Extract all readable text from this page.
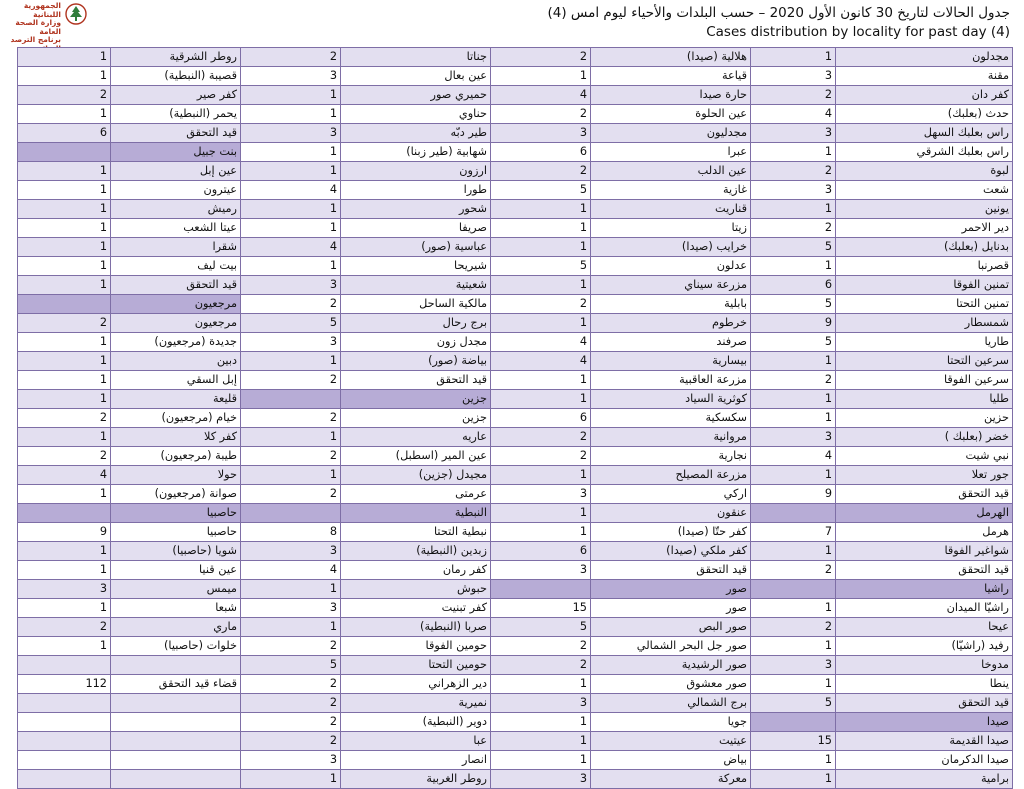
الجمهورية اللبنانية
وزارة الصحة العامة
برنامج الترصد
جدول الحالات لتاريخ 30 كانون الأول 2020 – حسب البلدات والأحياء ليوم امس (4)
Cases distribution by locality for past day (4)
1	روطر الشرقية	2	جناتا	2	هلالية (صيدا)	1	مجدلون
1	قصيبة (النبطية)	3	عين بعال	1	قياعة	3	مقنة
2	كفر صير	1	حميري صور	4	حارة صيدا	2	كفر دان
1	يحمر (النبطية)	1	حناوي	2	عين الحلوة	4	حدث (بعلبك)
6	قيد التحقق	3	طير دبّه	3	مجدليون	3	راس بعلبك السهل
	بنت جبيل	1	شهابية (طير زبنا)	6	عبرا	1	راس بعلبك الشرقي
1	عين إبل	1	ارزون	2	عين الدلب	2	لبوة
1	عيترون	4	طورا	5	غازية	3	شعت
1	رميش	1	شحور	1	قناريت	1	يونين
1	عيتا الشعب	1	صريفا	1	زيتا	2	دير الاحمر
1	شقرا	4	عباسية (صور)	1	خرايب (صيدا)	5	بدنايل (بعلبك)
1	بيت ليف	1	شيريحا	5	عدلون	1	قصرنبا
1	قيد التحقق	3	شعيتية	1	مزرعة سيناي	6	تمنين الفوقا
	مرجعيون	2	مالكية الساحل	2	بابلية	5	تمنين التحتا
2	مرجعيون	5	برج رحال	1	خرطوم	9	شمسطار
1	جديدة (مرجعيون)	3	مجدل زون	4	صرفند	5	طاريا
1	دبين	1	بياضة (صور)	4	بيسارية	1	سرعين التحتا
1	إبل السقي	2	قيد التحقق	1	مزرعة العاقبية	2	سرعين الفوقا
1	قليعة		جزين	1	كوثرية السياد	1	طليا
2	خيام (مرجعيون)	2	جزين	6	سكسكية	1	حزين
1	كفر كلا	1	عاريه	2	مروانية	3	خضر (بعلبك )
2	طيبة (مرجعيون)	2	عين المير (اسطبل)	2	نجارية	4	نبي شيت
4	حولا	1	مجيدل (جزين)	1	مزرعة المصيلح	1	جور تعلا
1	صوانة (مرجعيون)	2	عرمتى	3	اركي	9	قيد التحقق
	حاصبيا		النبطية	1	عنقون		الهرمل
9	حاصبيا	8	نبطية التحتا	1	كفر حتّا (صيدا)	7	هرمل
1	شويا (حاصبيا)	3	زبدين (النبطية)	6	كفر ملكي (صيدا)	1	شواغير الفوقا
1	عين قنيا	4	كفر رمان	3	قيد التحقق	2	قيد التحقق
3	ميمس	1	حبوش		صور		راشيا
1	شبعا	3	كفر تبنيت	15	صور	1	راشيّا الميدان
2	ماري	1	صربا (النبطية)	5	صور البص	2	عيحا
1	خلوات (حاصبيا)	2	حومين الفوقا	2	صور جل البحر الشمالي	1	رفيد (راشيّا)
		5	حومين التحتا	2	صور الرشيدية	3	مدوخا
112	قضاء قيد التحقق	2	دير الزهراني	1	صور معشوق	1	ينطا
		2	نميرية	3	برج الشمالي	5	قيد التحقق
		2	دوير (النبطية)	1	جويا		صيدا
		2	عبا	1	عيتيت	15	صيدا القديمة
		3	انصار	1	بياض	1	صيدا الدكرمان
		1	روطر الغربية	3	معركة	1	برامية
